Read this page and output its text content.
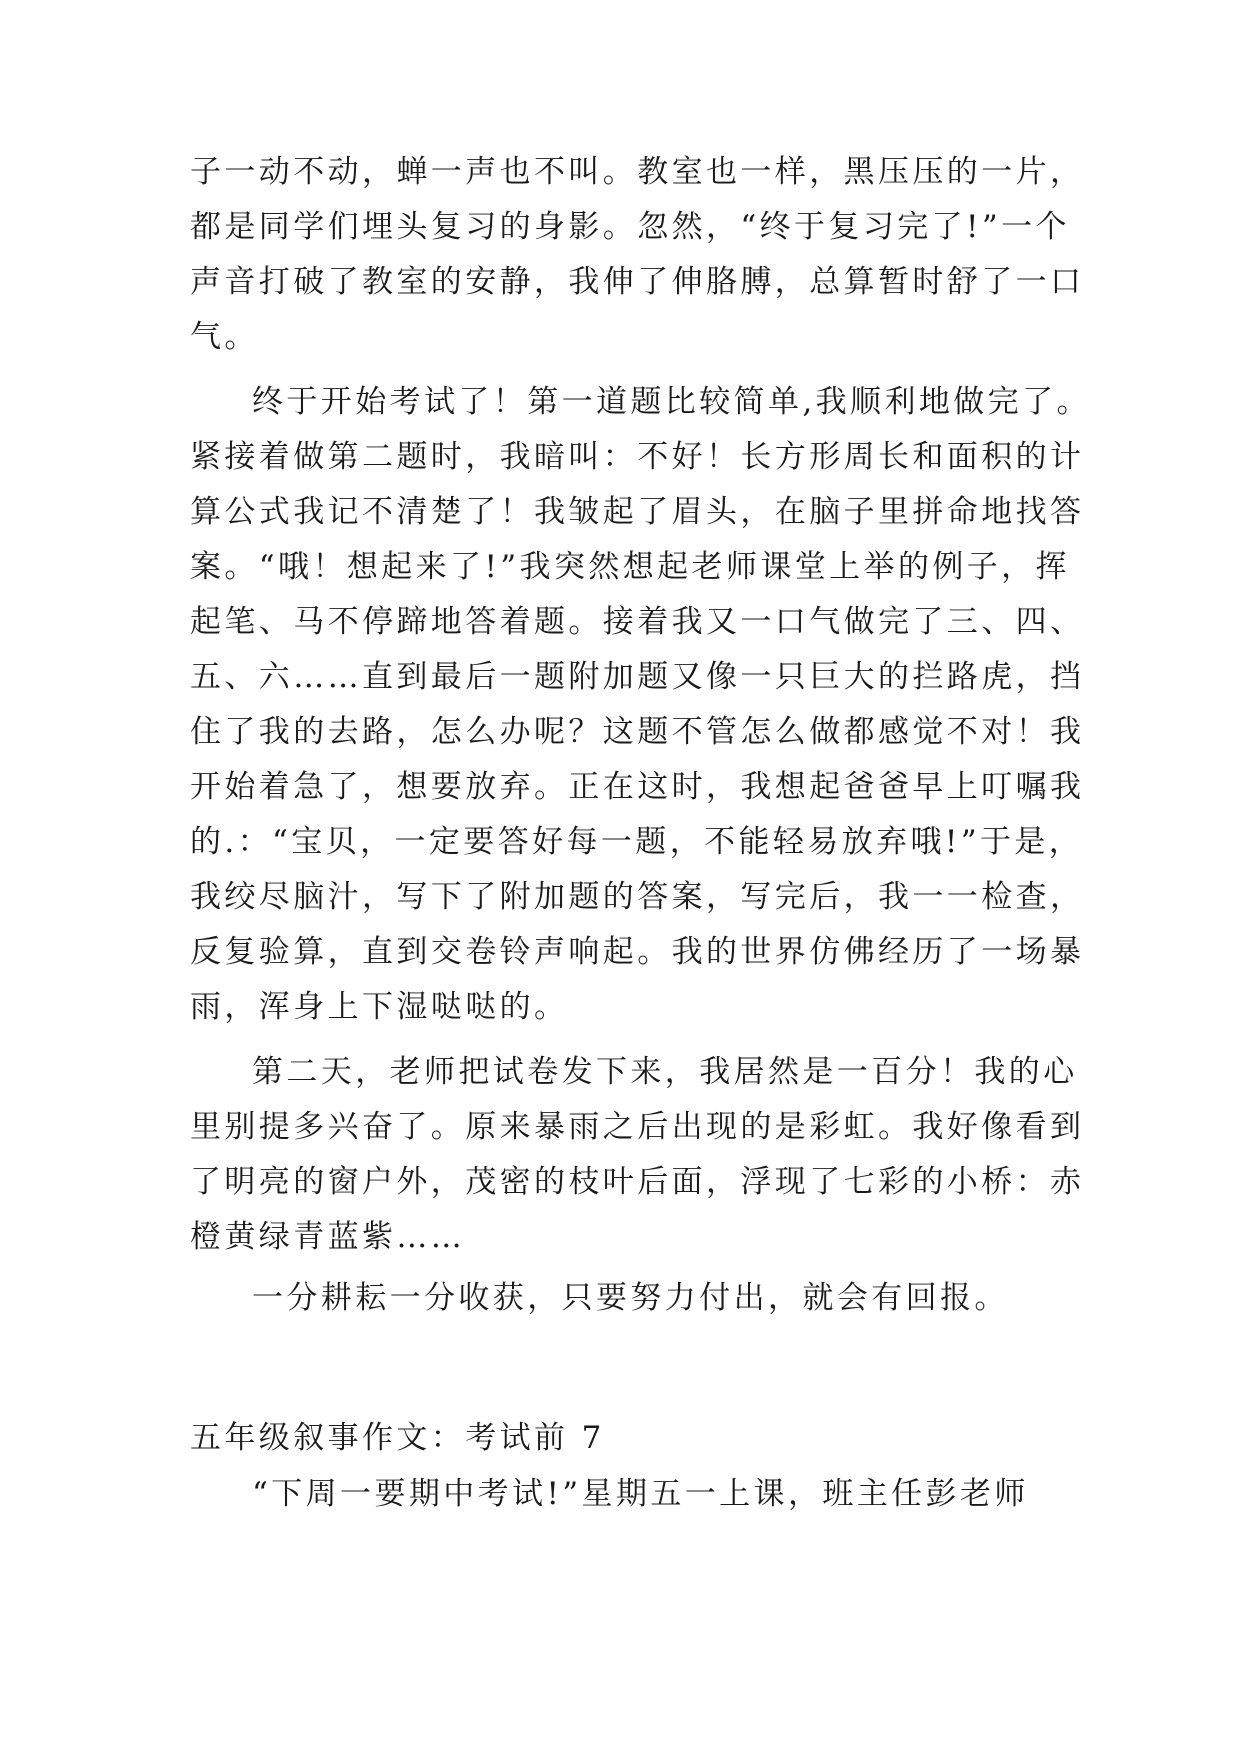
子一动不动，蝉一声也不叫。教室也一样，黑压压的一片，
都是同学们埋头复习的身影。忽然，“终于复习完了!”一个
声音打破了教室的安静，我伸了伸胳膊，总算暂时舒了一口
气。
终于开始考试了！第一道题比较简单,我顺利地做完了。
紧接着做第二题时，我暗叫：不好！长方形周长和面积的计
算公式我记不清楚了！我皱起了眉头，在脑子里拼命地找答
案。“哦！想起来了!”我突然想起老师课堂上举的例子，挥
起笔、马不停蹄地答着题。接着我又一口气做完了三、四、
五、六……直到最后一题附加题又像一只巨大的拦路虎，挡
住了我的去路，怎么办呢？这题不管怎么做都感觉不对！我
开始着急了，想要放弃。正在这时，我想起爸爸早上叮嘱我
的.：“宝贝，一定要答好每一题，不能轻易放弃哦!”于是，
我绞尽脑汁，写下了附加题的答案，写完后，我一一检查，
反复验算，直到交卷铃声响起。我的世界仿佛经历了一场暴
雨，浑身上下湿哒哒的。
第二天，老师把试卷发下来，我居然是一百分！我的心
里别提多兴奋了。原来暴雨之后出现的是彩虹。我好像看到
了明亮的窗户外，茂密的枝叶后面，浮现了七彩的小桥：赤
橙黄绿青蓝紫……
一分耕耘一分收获，只要努力付出，就会有回报。
五年级叙事作文：考试前 7
“下周一要期中考试!”星期五一上课，班主任彭老师
